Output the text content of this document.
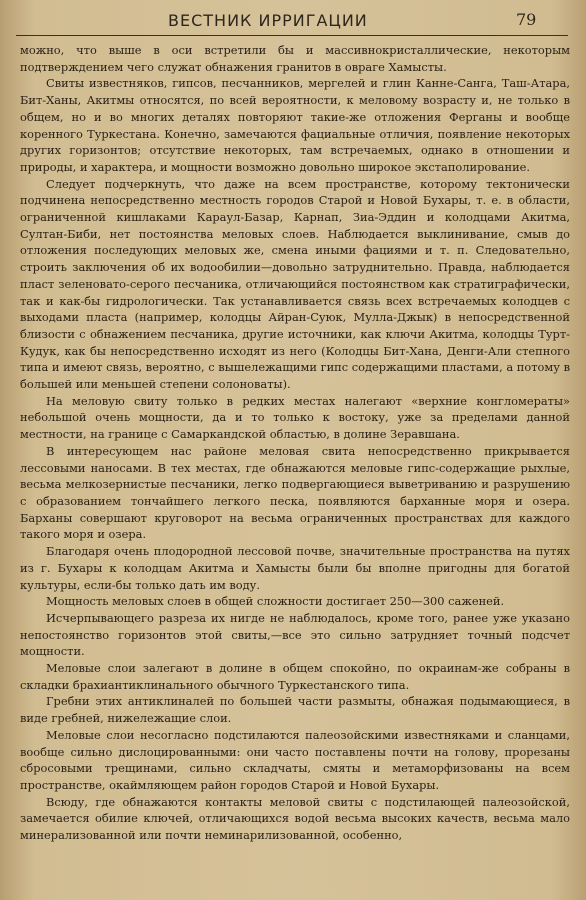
ВЕСТНИК ИРРИГАЦИИ	79

можно, что выше в оси встретили бы и массивнокристаллические, некоторым подтверждением чего служат обнажения гранитов в овраге Хамысты.

Свиты известняков, гипсов, песчанников, мергелей и глин Канне-Санга, Таш-Атара, Бит-Ханы, Акитмы относятся, по всей вероятности, к меловому возрасту и, не только в общем, но и во многих деталях повторяют такие-же отложения Ферганы и вообще коренного Туркестана. Конечно, замечаются фациальные отличия, появление некоторых других горизонтов; отсутствие некоторых, там встречаемых, однако в отношении и природы, и характера, и мощности возможно довольно широкое экстаполирование.

Следует подчеркнуть, что даже на всем пространстве, которому тектонически подчинена непосредственно местность городов Старой и Новой Бухары, т. е. в области, ограниченной кишлаками Караул-Базар, Карнап, Зиа-Эддин и колодцами Акитма, Султан-Биби, нет постоянства меловых слоев. Наблюдается выклинивание, смыв до отложения последующих меловых же, смена иными фациями и т. п. Следовательно, строить заключения об их водообилии—довольно затруднительно. Правда, наблюдается пласт зеленовато-серого песчаника, отличающийся постоянством как стратиграфически, так и как-бы гидрологически. Так устанавливается связь всех встречаемых колодцев с выходами пласта (например, колодцы Айран-Суюк, Мулла-Джык) в непосредственной близости с обнажением песчаника, другие источники, как ключи Акитма, колодцы Турт-Кудук, как бы непосредственно исходят из него (Колодцы Бит-Хана, Денги-Али степного типа и имеют связь, вероятно, с вышележащими гипс содержащими пластами, а потому в большей или меньшей степени солоноваты).

На меловую свиту только в редких местах налегают «верхние конгломераты» небольшой очень мощности, да и то только к востоку, уже за пределами данной местности, на границе с Самаркандской областью, в долине Зеравшана.

В интересующем нас районе меловая свита непосредственно прикрывается лессовыми наносами. В тех местах, где обнажаются меловые гипс-содержащие рыхлые, весьма мелкозернистые песчаники, легко подвергающиеся выветриванию и разрушению с образованием тончайшего легкого песка, появляются барханные моря и озера. Барханы совершают круговорот на весьма ограниченных пространствах для каждого такого моря и озера.

Благодаря очень плодородной лессовой почве, значительные пространства на путях из г. Бухары к колодцам Акитма и Хамысты были бы вполне пригодны для богатой культуры, если-бы только дать им воду.

Мощность меловых слоев в общей сложности достигает 250—300 саженей.

Исчерпывающего разреза их нигде не наблюдалось, кроме того, ранее уже указано непостоянство горизонтов этой свиты,—все это сильно затрудняет точный подсчет мощности.

Меловые слои залегают в долине в общем спокойно, по окраинам-же собраны в складки брахиантиклинального обычного Туркестанского типа.

Гребни этих антиклиналей по большей части размыты, обнажая подымающиеся, в виде гребней, нижележащие слои.

Меловые слои несогласно подстилаются палеозойскими известняками и сланцами, вообще сильно дислоцированными: они часто поставлены почти на голову, прорезаны сбросовыми трещинами, сильно складчаты, смяты и метаморфизованы на всем пространстве, окаймляющем район городов Старой и Новой Бухары.

Всюду, где обнажаются контакты меловой свиты с подстилающей палеозойской, замечается обилие ключей, отличающихся водой весьма высоких качеств, весьма мало минерализованной или почти неминарилизованной, особенно,
